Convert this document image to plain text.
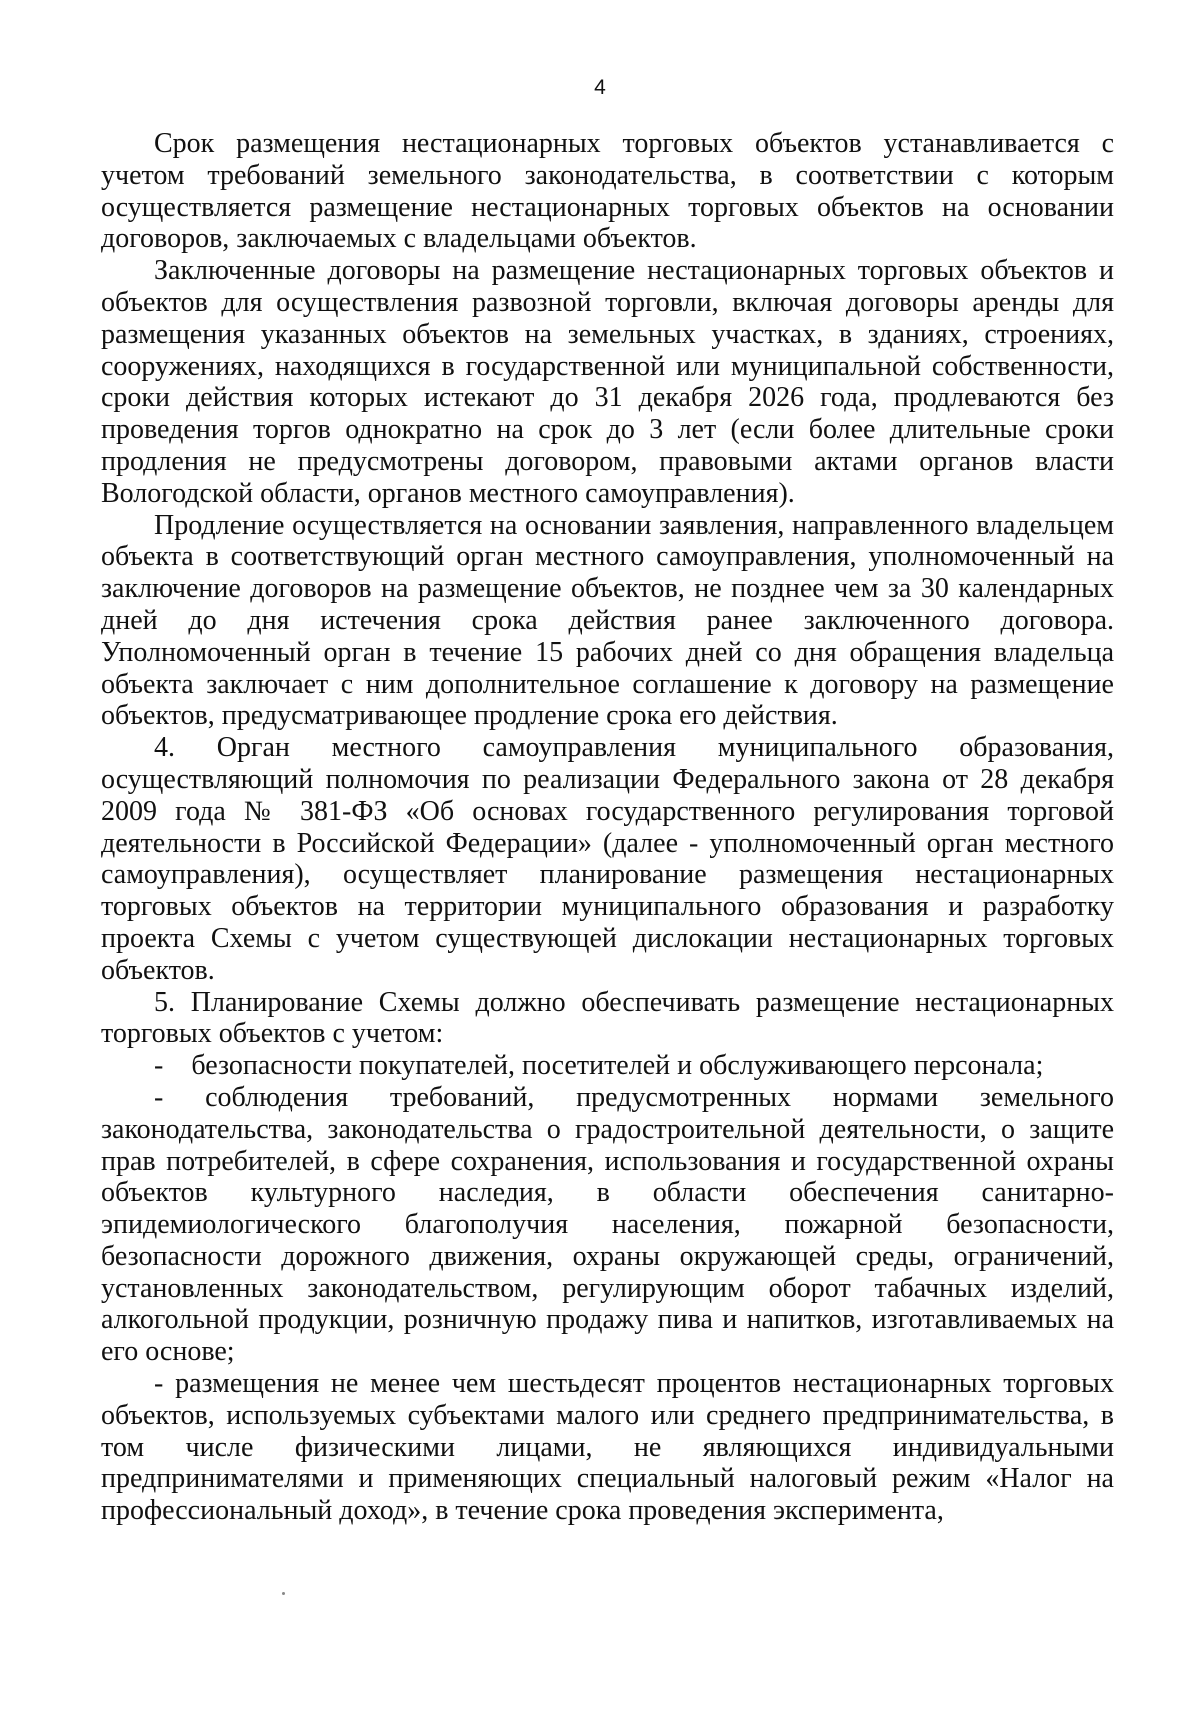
4

Срок размещения нестационарных торговых объектов устанавливается с учетом требований земельного законодательства, в соответствии с которым осуществляется размещение нестационарных торговых объектов на основании договоров, заключаемых с владельцами объектов.

Заключенные договоры на размещение нестационарных торговых объектов и объектов для осуществления развозной торговли, включая договоры аренды для размещения указанных объектов на земельных участках, в зданиях, строениях, сооружениях, находящихся в государственной или муниципальной собственности, сроки действия которых истекают до 31 декабря 2026 года, продлеваются без проведения торгов однократно на срок до 3 лет (если более длительные сроки продления не предусмотрены договором, правовыми актами органов власти Вологодской области, органов местного самоуправления).

Продление осуществляется на основании заявления, направленного владельцем объекта в соответствующий орган местного самоуправления, уполномоченный на заключение договоров на размещение объектов, не позднее чем за 30 календарных дней до дня истечения срока действия ранее заключенного договора. Уполномоченный орган в течение 15 рабочих дней со дня обращения владельца объекта заключает с ним дополнительное соглашение к договору на размещение объектов, предусматривающее продление срока его действия.

4. Орган местного самоуправления муниципального образования, осуществляющий полномочия по реализации Федерального закона от 28 декабря 2009 года № 381-ФЗ «Об основах государственного регулирования торговой деятельности в Российской Федерации» (далее - уполномоченный орган местного самоуправления), осуществляет планирование размещения нестационарных торговых объектов на территории муниципального образования и разработку проекта Схемы с учетом существующей дислокации нестационарных торговых объектов.

5. Планирование Схемы должно обеспечивать размещение нестационарных торговых объектов с учетом:

-    безопасности покупателей, посетителей и обслуживающего персонала;

- соблюдения требований, предусмотренных нормами земельного законодательства, законодательства о градостроительной деятельности, о защите прав потребителей, в сфере сохранения, использования и государственной охраны объектов культурного наследия, в области обеспечения санитарно-эпидемиологического благополучия населения, пожарной безопасности, безопасности дорожного движения, охраны окружающей среды, ограничений, установленных законодательством, регулирующим оборот табачных изделий, алкогольной продукции, розничную продажу пива и напитков, изготавливаемых на его основе;

- размещения не менее чем шестьдесят процентов нестационарных торговых объектов, используемых субъектами малого или среднего предпринимательства, в том числе физическими лицами, не являющихся индивидуальными предпринимателями и применяющих специальный налоговый режим «Налог на профессиональный доход», в течение срока проведения эксперимента,
